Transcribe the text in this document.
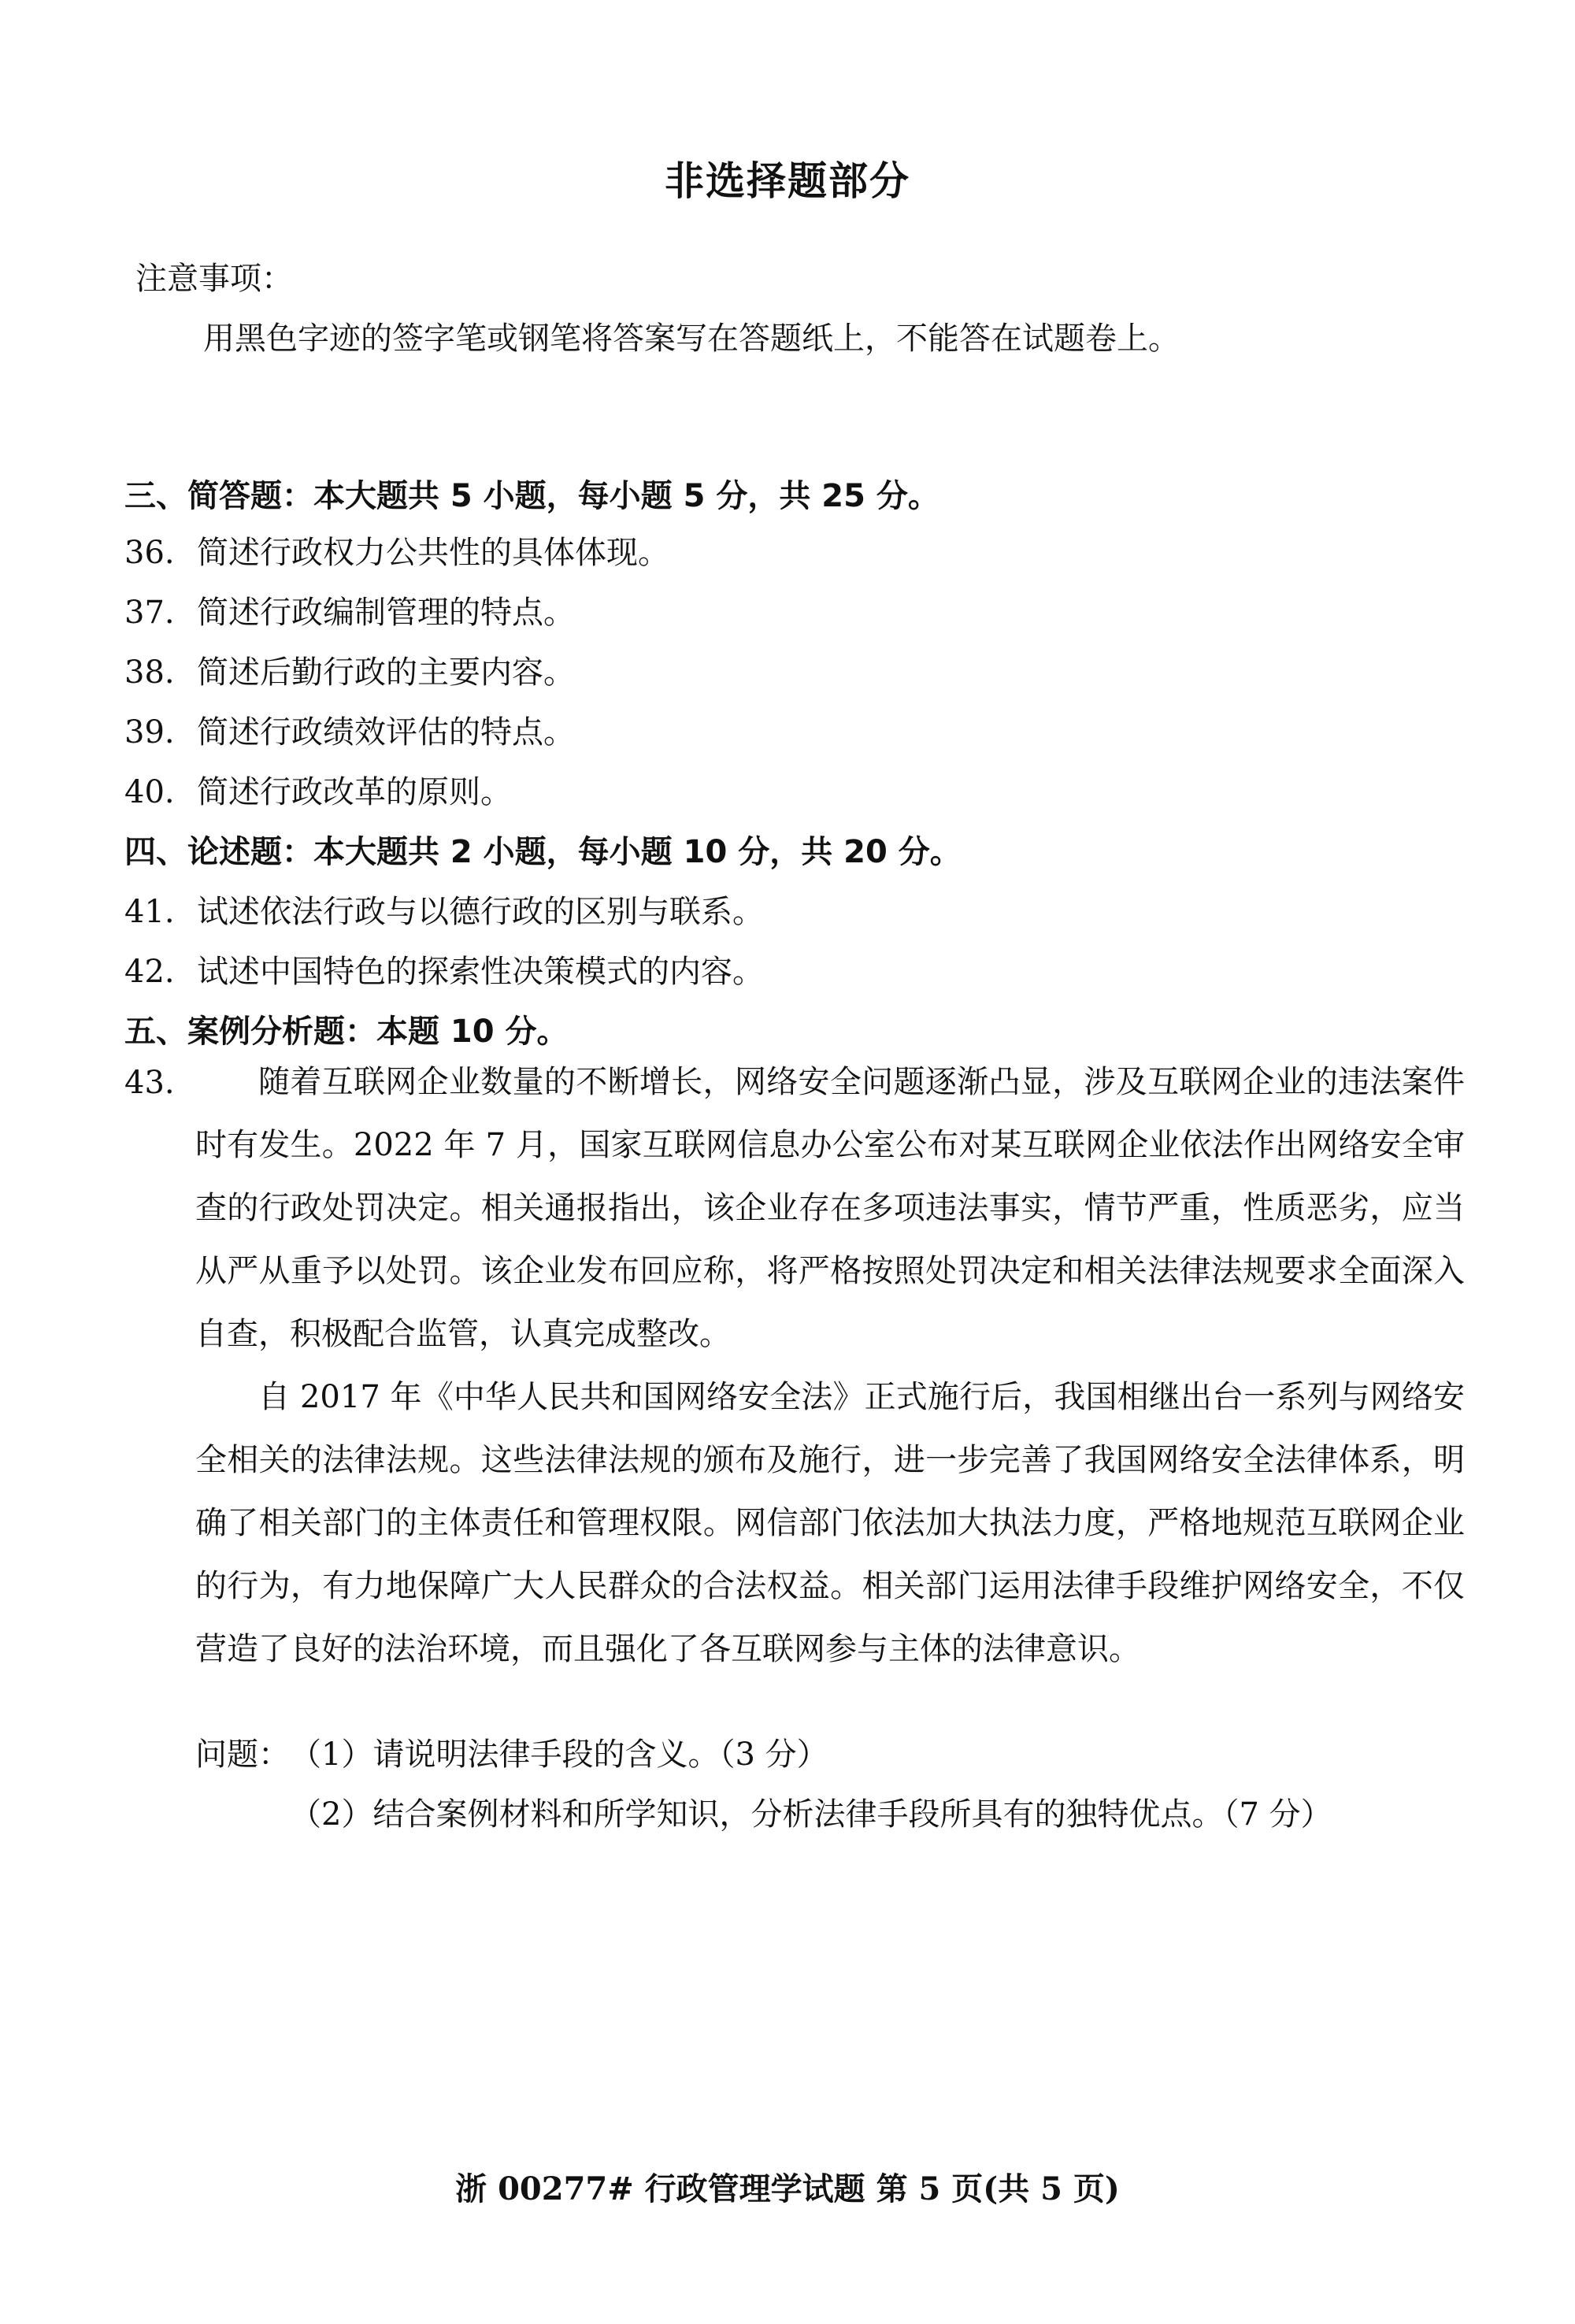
非选择题部分
注意事项：
用黑色字迹的签字笔或钢笔将答案写在答题纸上，不能答在试题卷上。
三、简答题：本大题共 5 小题，每小题 5 分，共 25 分。
36. 简述行政权力公共性的具体体现。
37. 简述行政编制管理的特点。
38. 简述后勤行政的主要内容。
39. 简述行政绩效评估的特点。
40. 简述行政改革的原则。
四、论述题：本大题共 2 小题，每小题 10 分，共 20 分。
41. 试述依法行政与以德行政的区别与联系。
42. 试述中国特色的探索性决策模式的内容。
五、案例分析题：本题 10 分。
43.	随着互联网企业数量的不断增长，网络安全问题逐渐凸显，涉及互联网企业的违法案件时有发生。2022 年 7 月，国家互联网信息办公室公布对某互联网企业依法作出网络安全审查的行政处罚决定。相关通报指出，该企业存在多项违法事实，情节严重，性质恶劣，应当从严从重予以处罚。该企业发布回应称，将严格按照处罚决定和相关法律法规要求全面深入自查，积极配合监管，认真完成整改。

自 2017 年《中华人民共和国网络安全法》正式施行后，我国相继出台一系列与网络安全相关的法律法规。这些法律法规的颁布及施行，进一步完善了我国网络安全法律体系，明确了相关部门的主体责任和管理权限。网信部门依法加大执法力度，严格地规范互联网企业的行为，有力地保障广大人民群众的合法权益。相关部门运用法律手段维护网络安全，不仅营造了良好的法治环境，而且强化了各互联网参与主体的法律意识。

问题： （1）请说明法律手段的含义。（3 分）
（2）结合案例材料和所学知识，分析法律手段所具有的独特优点。（7 分）
浙 00277# 行政管理学试题 第 5 页(共 5 页)
